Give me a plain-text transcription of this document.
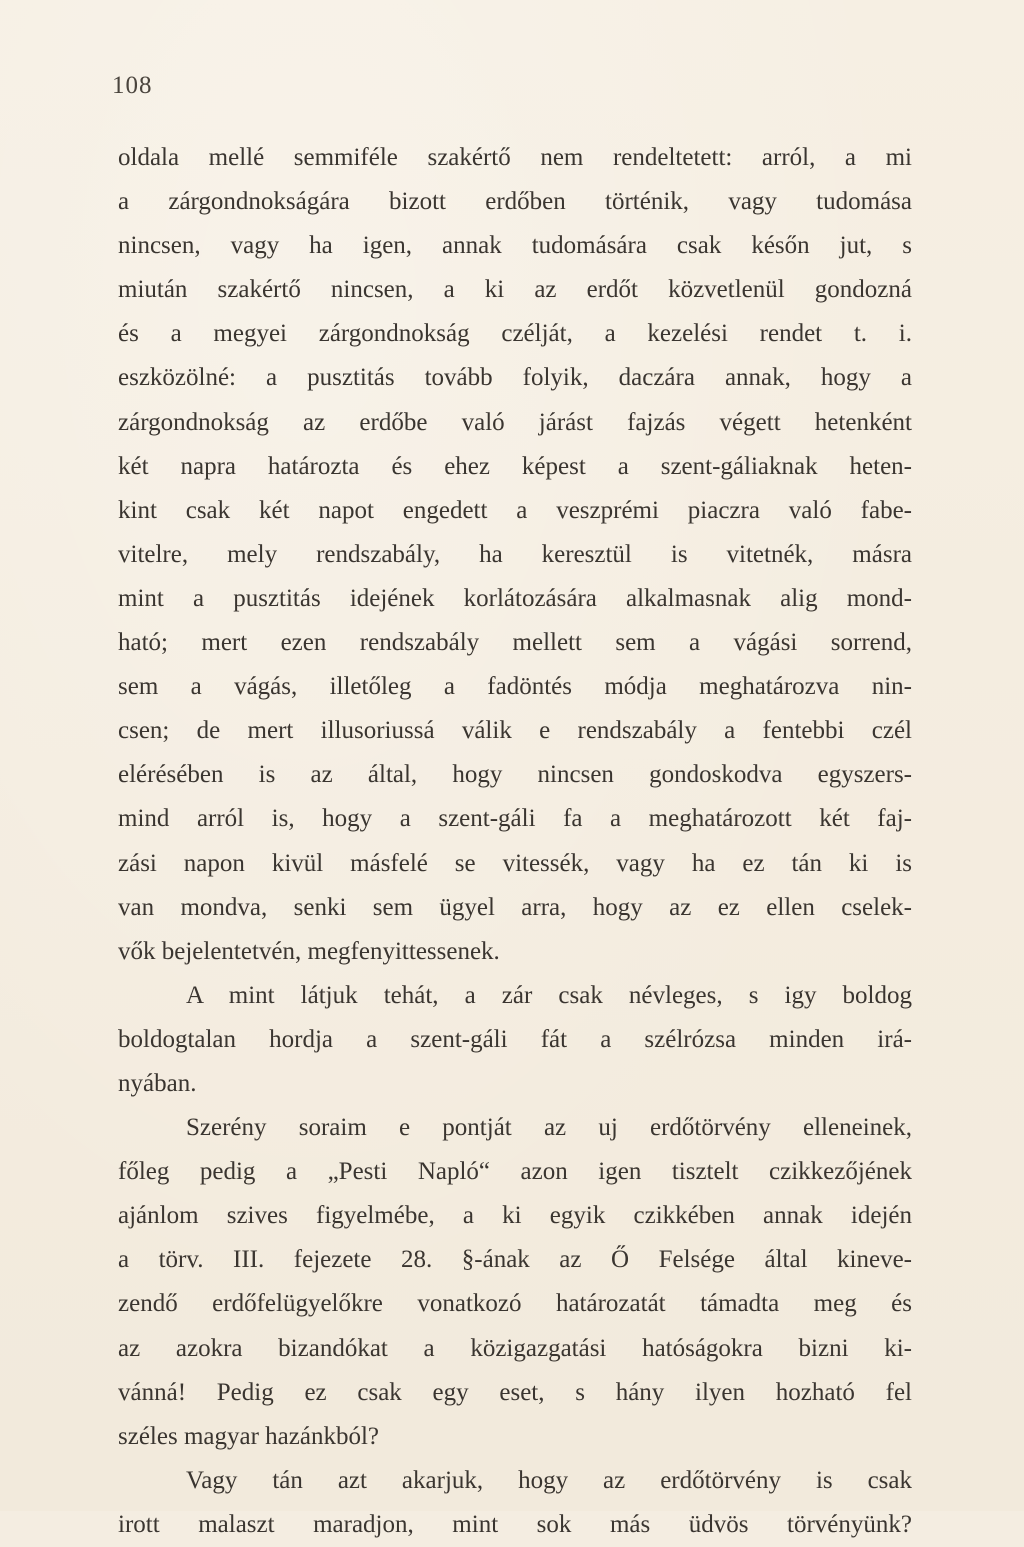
108
oldala mellé semmiféle szakértő nem rendeltetett: arról, a mi
a zárgondnokságára bizott erdőben történik, vagy tudomása
nincsen, vagy ha igen, annak tudomására csak későn jut, s
miután szakértő nincsen, a ki az erdőt közvetlenül gondozná
és a megyei zárgondnokság czélját, a kezelési rendet t. i.
eszközölné: a pusztitás tovább folyik, daczára annak, hogy a
zárgondnokság az erdőbe való járást fajzás végett hetenként
két napra határozta és ehez képest a szent-gáliaknak heten-
kint csak két napot engedett a veszprémi piaczra való fabe-
vitelre, mely rendszabály, ha keresztül is vitetnék, másra
mint a pusztitás idejének korlátozására alkalmasnak alig mond-
ható; mert ezen rendszabály mellett sem a vágási sorrend,
sem a vágás, illetőleg a fadöntés módja meghatározva nin-
csen; de mert illusoriussá válik e rendszabály a fentebbi czél
elérésében is az által, hogy nincsen gondoskodva egyszers-
mind arról is, hogy a szent-gáli fa a meghatározott két faj-
zási napon kivül másfelé se vitessék, vagy ha ez tán ki is
van mondva, senki sem ügyel arra, hogy az ez ellen cselek-
vők bejelentetvén, megfenyittessenek.
A mint látjuk tehát, a zár csak névleges, s igy boldog
boldogtalan hordja a szent-gáli fát a szélrózsa minden irá-
nyában.
Szerény soraim e pontját az uj erdőtörvény elleneinek,
főleg pedig a „Pesti Napló“ azon igen tisztelt czikkezőjének
ajánlom szives figyelmébe, a ki egyik czikkében annak idején
a törv. III. fejezete 28. §-ának az Ő Felsége által kineve-
zendő erdőfelügyelőkre vonatkozó határozatát támadta meg és
az azokra bizandókat a közigazgatási hatóságokra bizni ki-
vánná! Pedig ez csak egy eset, s hány ilyen hozható fel
széles magyar hazánkból?
Vagy tán azt akarjuk, hogy az erdőtörvény is csak
irott malaszt maradjon, mint sok más üdvös törvényünk?
